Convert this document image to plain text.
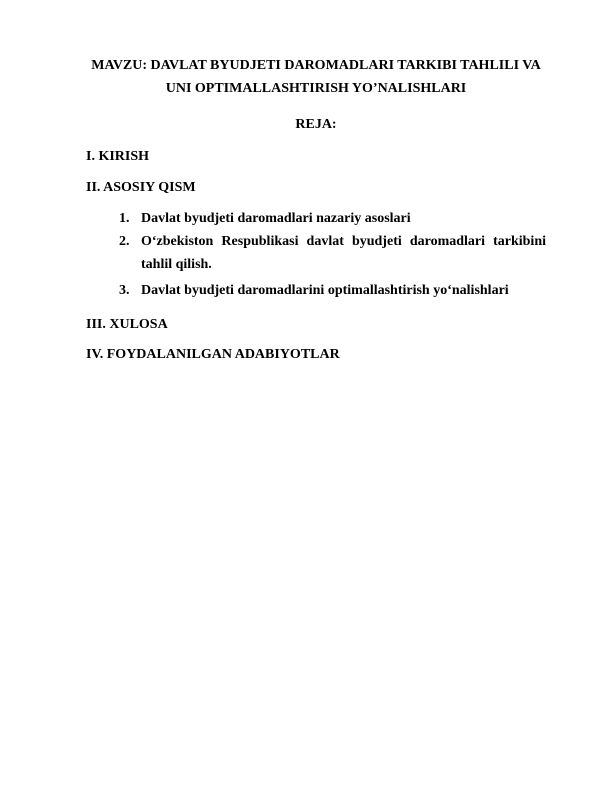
MAVZU: DAVLAT BYUDJETI DAROMADLARI TARKIBI TAHLILI VA
UNI OPTIMALLASHTIRISH YO’NALISHLARI
REJA:
I. KIRISH
II. ASOSIY QISM
1. Davlat byudjeti daromadlari nazariy asoslari
2. O‘zbekiston Respublikasi davlat byudjeti daromadlari tarkibini tahlil qilish.
3. Davlat byudjeti daromadlarini optimallashtirish yo‘nalishlari
III. XULOSA
IV. FOYDALANILGAN ADABIYOTLAR
